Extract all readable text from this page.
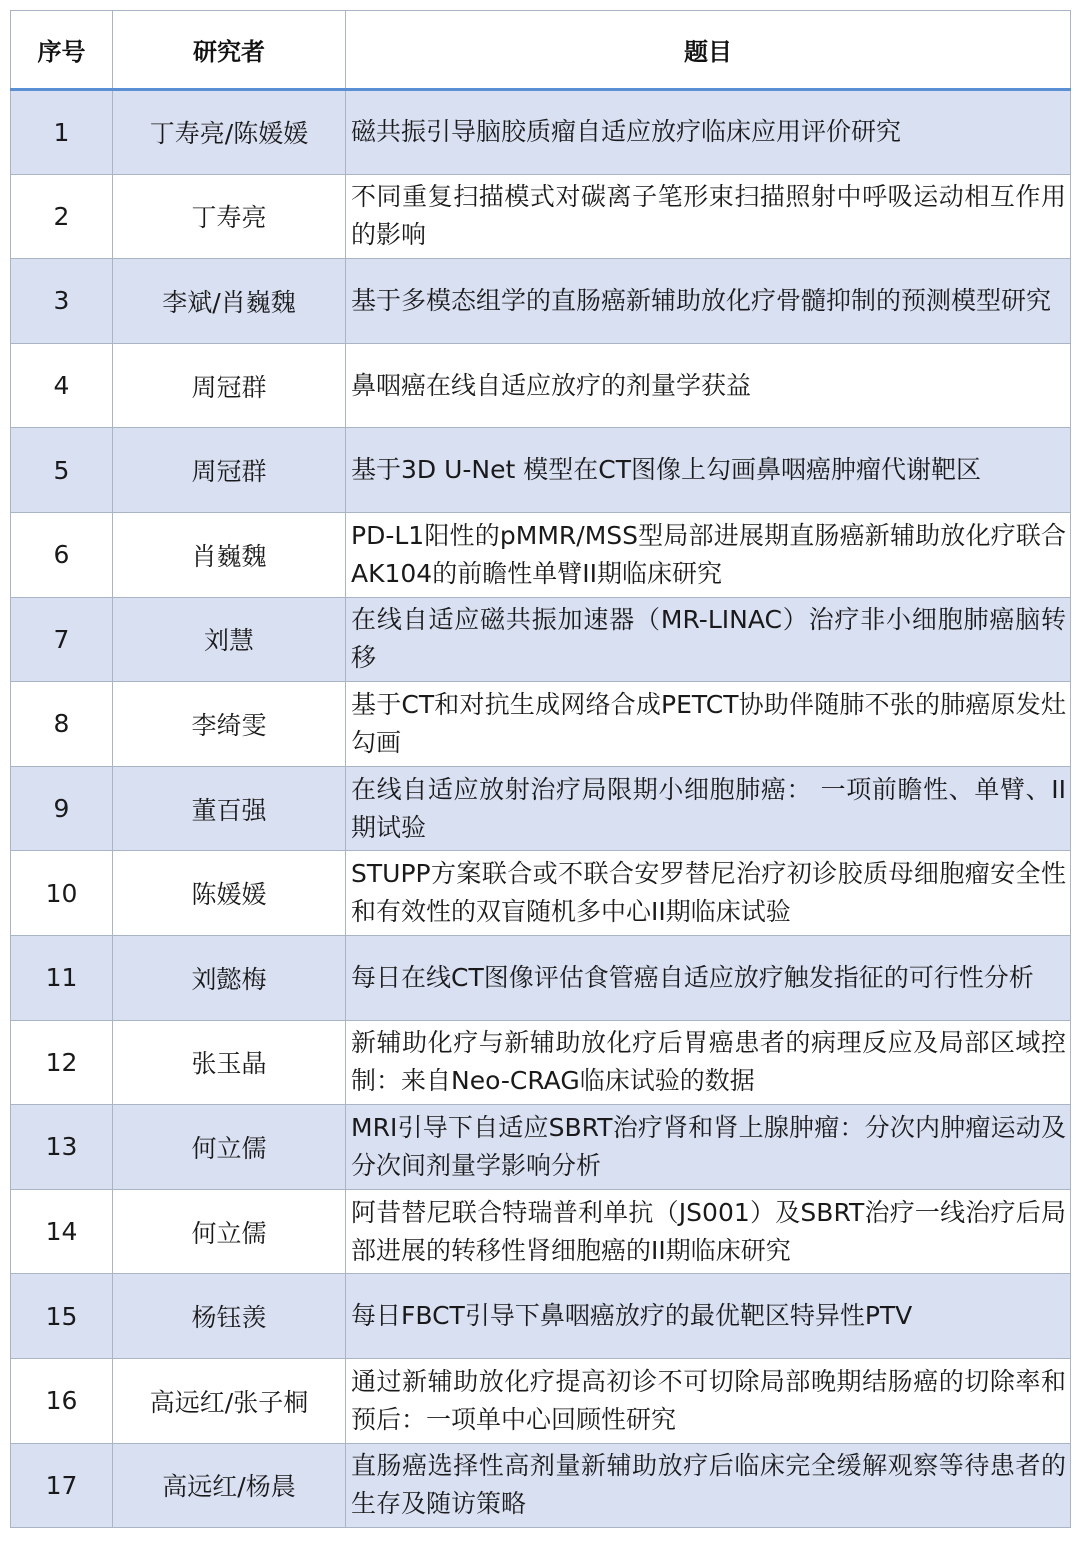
序号	研究者	题目
1	丁寿亮/陈媛媛	磁共振引导脑胶质瘤自适应放疗临床应用评价研究
2	丁寿亮	不同重复扫描模式对碳离子笔形束扫描照射中呼吸运动相互作用的影响
3	李斌/肖巍魏	基于多模态组学的直肠癌新辅助放化疗骨髓抑制的预测模型研究
4	周冠群	鼻咽癌在线自适应放疗的剂量学获益
5	周冠群	基于3D U-Net 模型在CT图像上勾画鼻咽癌肿瘤代谢靶区
6	肖巍魏	PD-L1阳性的pMMR/MSS型局部进展期直肠癌新辅助放化疗联合AK104的前瞻性单臂II期临床研究
7	刘慧	在线自适应磁共振加速器（MR-LINAC）治疗非小细胞肺癌脑转移
8	李绮雯	基于CT和对抗生成网络合成PETCT协助伴随肺不张的肺癌原发灶勾画
9	董百强	在线自适应放射治疗局限期小细胞肺癌： 一项前瞻性、单臂、II期试验
10	陈媛媛	STUPP方案联合或不联合安罗替尼治疗初诊胶质母细胞瘤安全性和有效性的双盲随机多中心II期临床试验
11	刘懿梅	每日在线CT图像评估食管癌自适应放疗触发指征的可行性分析
12	张玉晶	新辅助化疗与新辅助放化疗后胃癌患者的病理反应及局部区域控制：来自Neo-CRAG临床试验的数据
13	何立儒	MRI引导下自适应SBRT治疗肾和肾上腺肿瘤：分次内肿瘤运动及分次间剂量学影响分析
14	何立儒	阿昔替尼联合特瑞普利单抗（JS001）及SBRT治疗一线治疗后局部进展的转移性肾细胞癌的II期临床研究
15	杨钰羡	每日FBCT引导下鼻咽癌放疗的最优靶区特异性PTV
16	高远红/张子桐	通过新辅助放化疗提高初诊不可切除局部晚期结肠癌的切除率和预后：一项单中心回顾性研究
17	高远红/杨晨	直肠癌选择性高剂量新辅助放疗后临床完全缓解观察等待患者的生存及随访策略
